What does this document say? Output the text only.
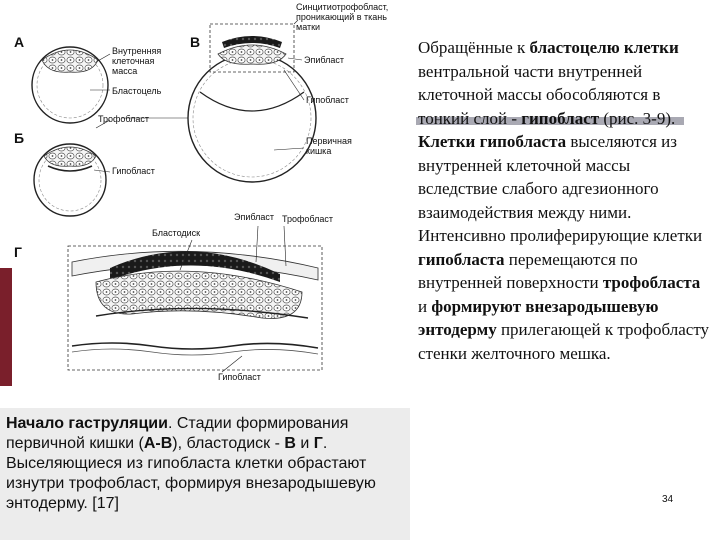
А
Б
В
Г
Внутренняя
клеточная
масса
Бластоцель
Трофобласт
Гипобласт
Синцитиотрофобласт,
проникающий в ткань
матки
Эпибласт
Гипобласт
Первичная
кишка
Эпибласт Трофобласт
Бластодиск
Гипобласт
Начало гаструляции. Стадии формирования первичной кишки (А-В), бластодиск - В и Г. Выселяющиеся из гипобласта клетки обрастают изнутри трофобласт, формируя внезародышевую энтодерму. [17]
Обращённые к бластоцелю клетки вентральной части внутренней клеточной массы обособляются в тонкий слой - гипобласт (рис. 3-9). Клетки гипобласта выселяются из внутренней клеточной массы вследствие слабого адгезионного взаимодействия между ними. Интенсивно пролиферирующие клетки гипобласта перемещаются по внутренней поверхности трофобласта и формируют внезародышевую энтодерму прилегающей к трофобласту стенки желточного мешка.
34
